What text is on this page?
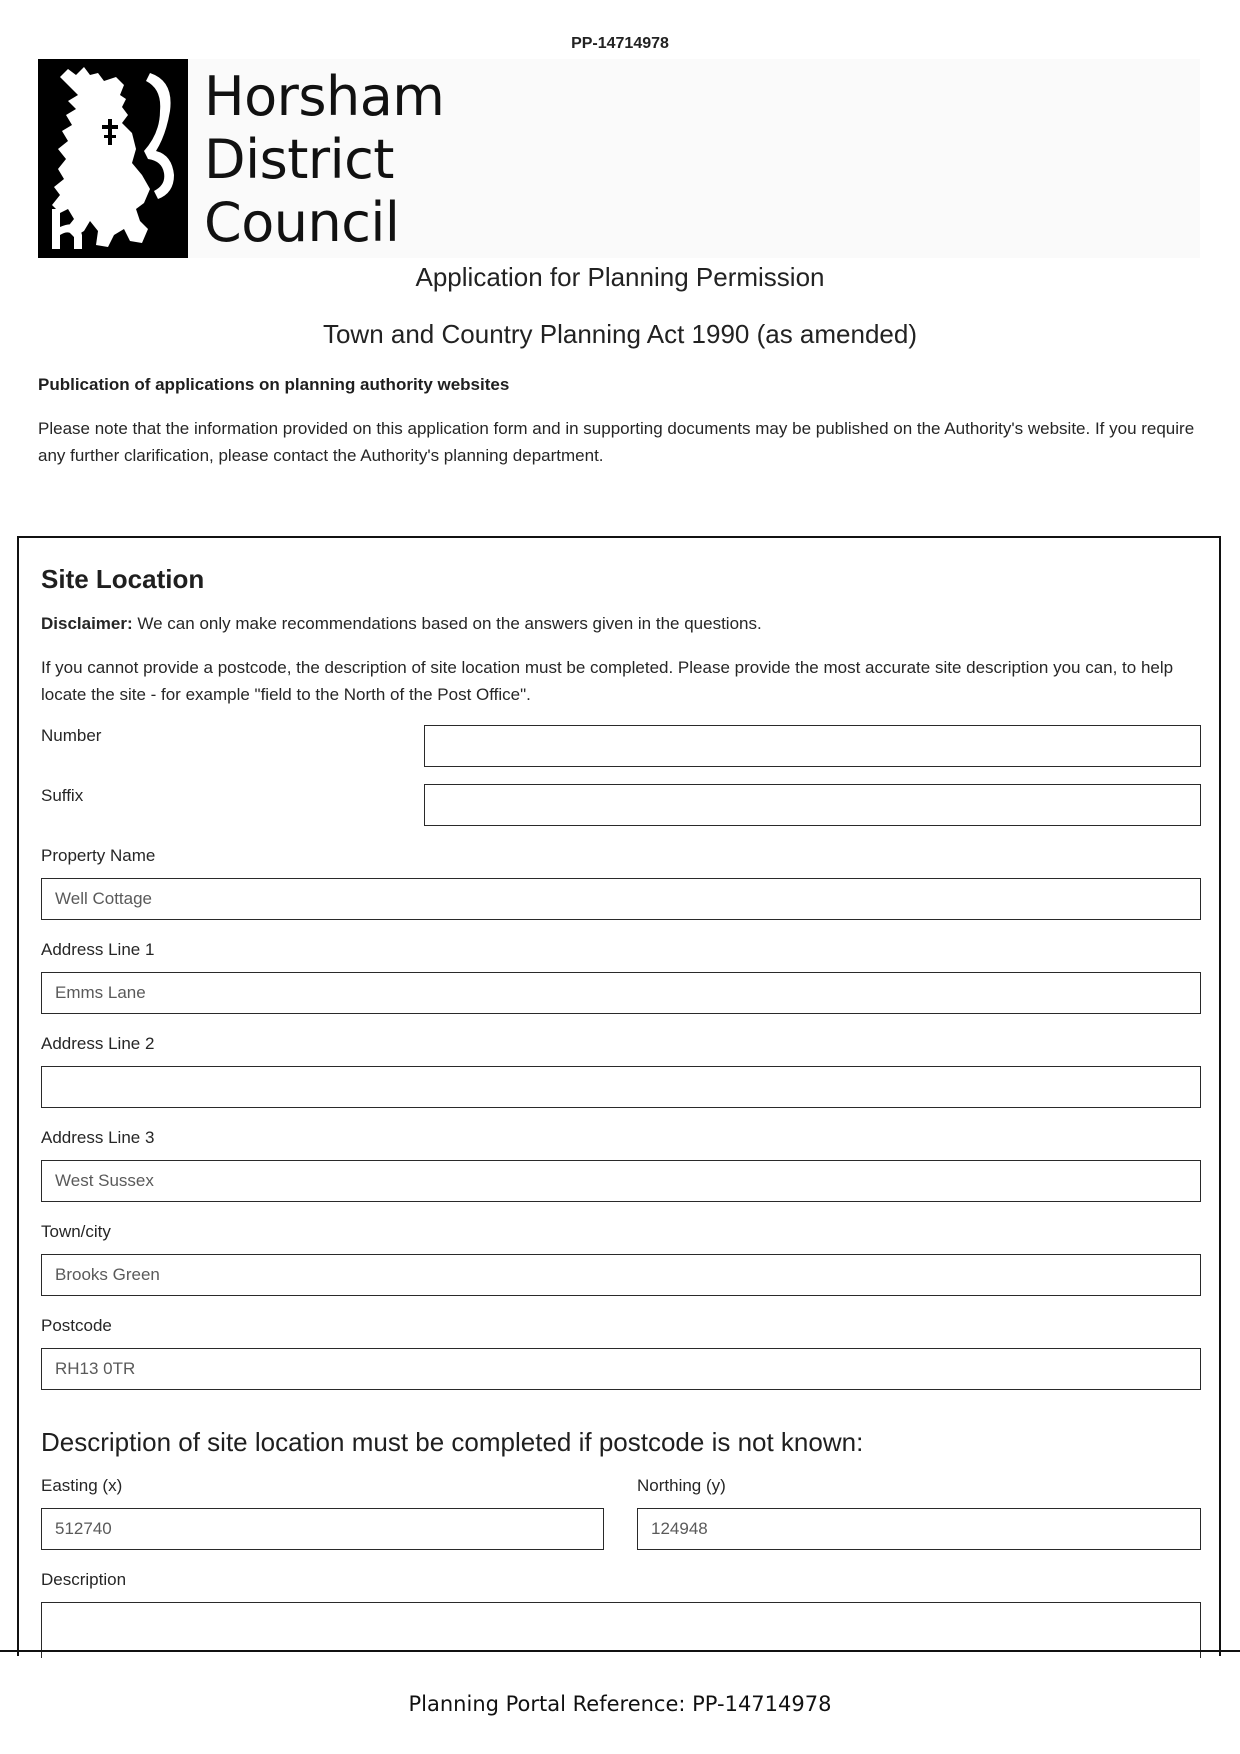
PP-14714978
Horsham
District
Council
Application for Planning Permission
Town and Country Planning Act 1990 (as amended)
Publication of applications on planning authority websites
Please note that the information provided on this application form and in supporting documents may be published on the Authority's website. If you require any further clarification, please contact the Authority's planning department.
Site Location
Disclaimer: We can only make recommendations based on the answers given in the questions.
If you cannot provide a postcode, the description of site location must be completed. Please provide the most accurate site description you can, to help locate the site - for example "field to the North of the Post Office".
Number
Suffix
Property Name
Well Cottage
Address Line 1
Emms Lane
Address Line 2
Address Line 3
West Sussex
Town/city
Brooks Green
Postcode
RH13 0TR
Description of site location must be completed if postcode is not known:
Easting (x)
512740
Northing (y)
124948
Description
Planning Portal Reference: PP-14714978
